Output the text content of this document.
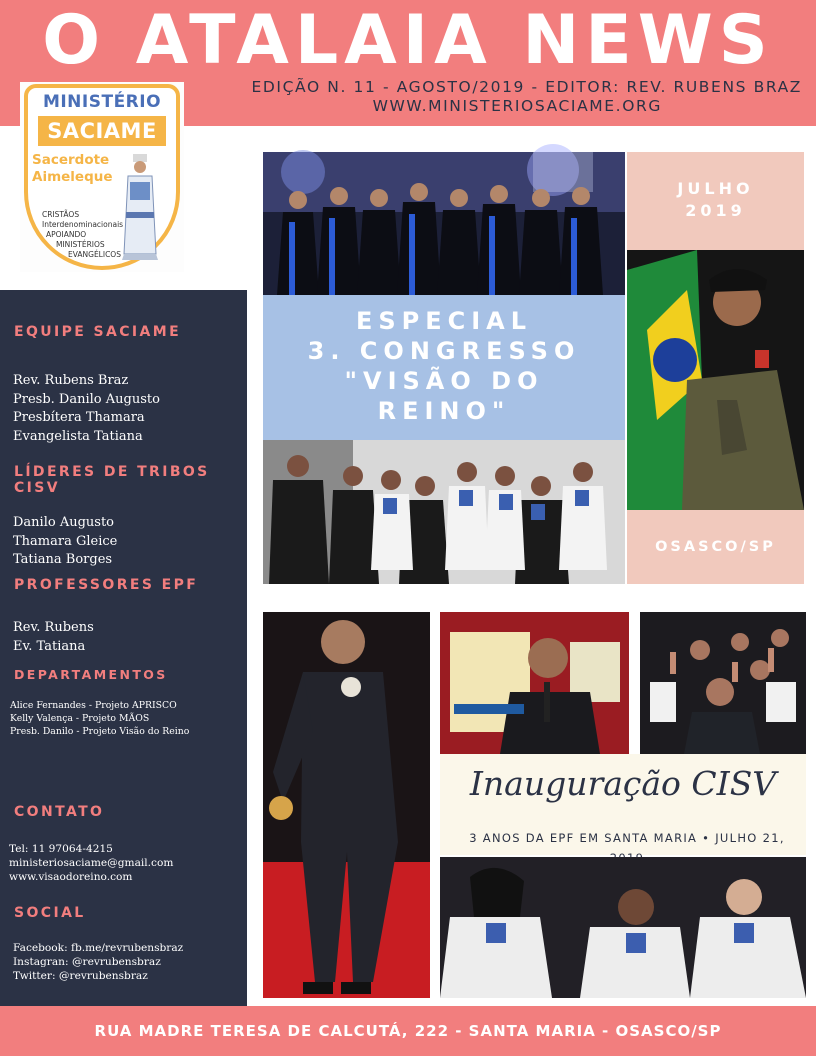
O ATALAIA NEWS
EDIÇÃO N. 11 - AGOSTO/2019 - EDITOR: REV. RUBENS BRAZ
WWW.MINISTERIOSACIAME.ORG
MINISTÉRIO
SACIAME
Sacerdote
Aimeleque
CRISTÃOS
Interdenominacionais
APOIANDO
MINISTÉRIOS
EVANGÉLICOS
EQUIPE SACIAME
Rev. Rubens Braz
Presb. Danilo Augusto
Presbítera Thamara
Evangelista Tatiana
LÍDERES DE TRIBOS
CISV
Danilo Augusto
Thamara Gleice
Tatiana Borges
PROFESSORES EPF
Rev. Rubens
Ev. Tatiana
DEPARTAMENTOS
Alice Fernandes - Projeto APRISCO
Kelly Valença - Projeto MÃOS
Presb. Danilo - Projeto Visão do Reino
CONTATO
Tel: 11 97064-4215
ministeriosaciame@gmail.com
www.visaodoreino.com
SOCIAL
Facebook: fb.me/revrubensbraz
Instagran: @revrubensbraz
Twitter: @revrubensbraz
JULHO
2019
OSASCO/SP
ESPECIAL
3. CONGRESSO
"VISÃO DO
REINO"
Inauguração CISV
3 ANOS DA EPF EM SANTA MARIA • JULHO 21,
RUA MADRE TERESA DE CALCUTÁ, 222 - SANTA MARIA - OSASCO/SP
